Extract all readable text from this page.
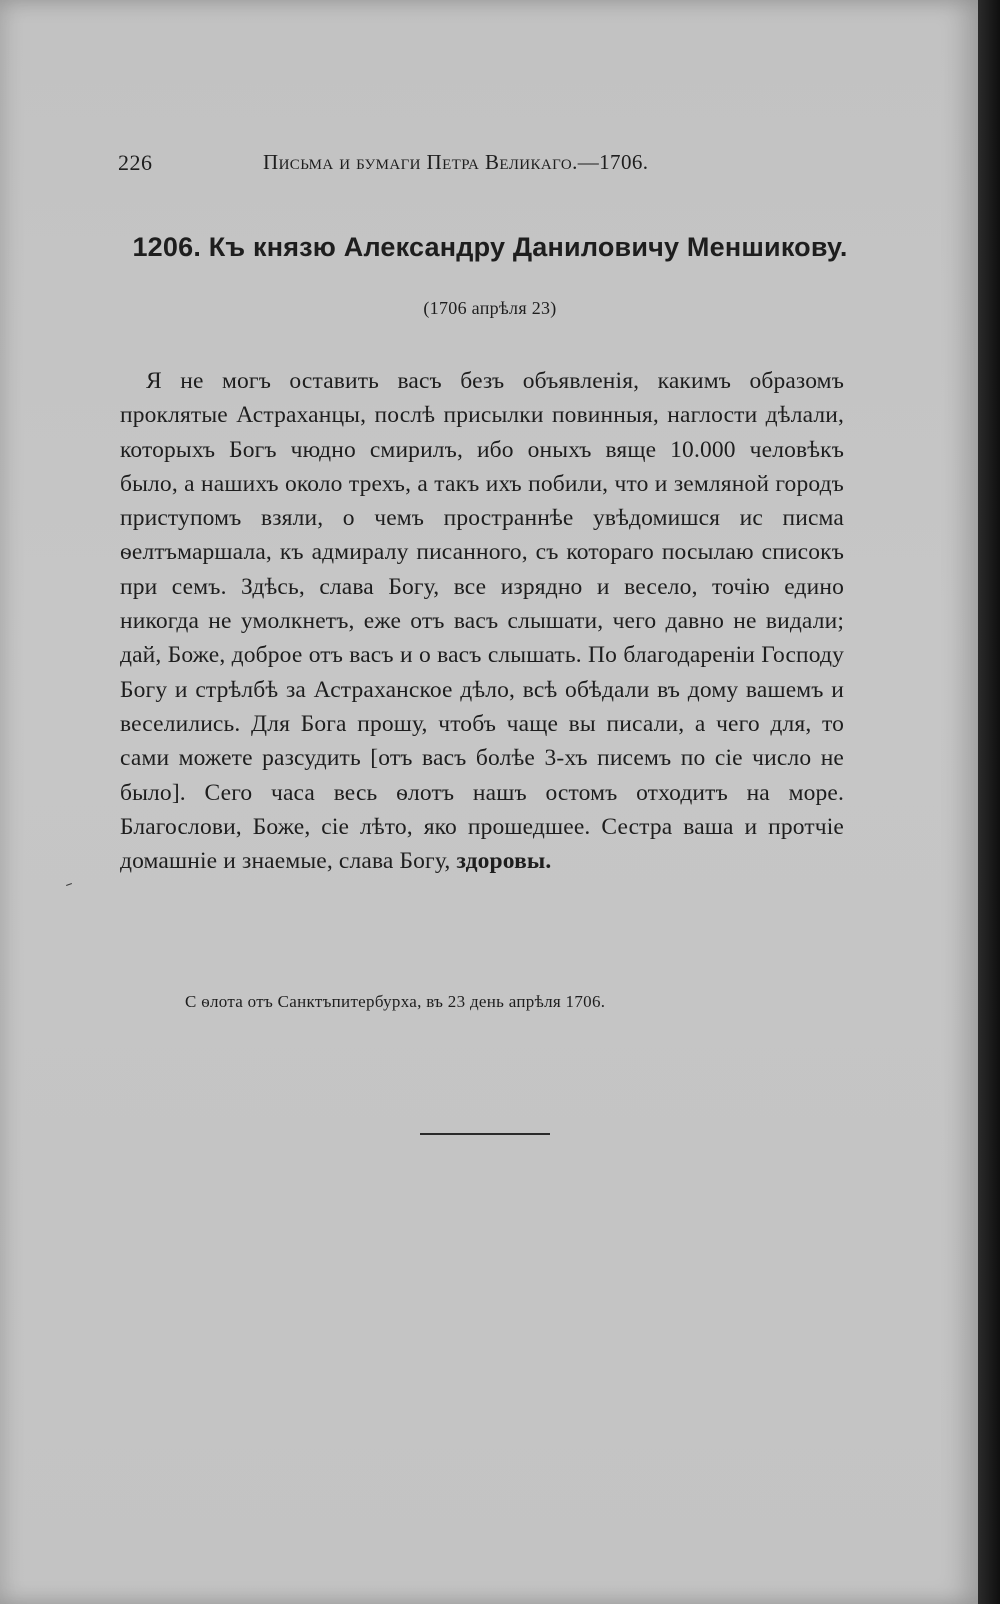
226	Письма и бумаги Петра Великаго.—1706.
1206. Къ князю Александру Даниловичу Меншикову.
(1706 апрѣля 23)
Я не могъ оставить васъ безъ объявленія, какимъ образомъ проклятые Астраханцы, послѣ присылки повинныя, наглости дѣлали, которыхъ Богъ чюдно смирилъ, ибо оныхъ вяще 10.000 человѣкъ было, а нашихъ около трехъ, а такъ ихъ побили, что и земляной городъ приступомъ взяли, о чемъ пространнѣе увѣдомишся ис писма ѳелтъмаршала, къ адмиралу писанного, съ котораго посылаю списокъ при семъ. Здѣсь, слава Богу, все изрядно и весело, точію едино никогда не умолкнетъ, еже отъ васъ слышати, чего давно не видали; дай, Боже, доброе отъ васъ и о васъ слышать. По благодареніи Господу Богу и стрѣлбѣ за Астраханское дѣло, всѣ обѣдали въ дому вашемъ и веселились. Для Бога прошу, чтобъ чаще вы писали, а чего для, то сами можете разсудить [отъ васъ болѣе 3-хъ писемъ по сіе число не было]. Сего часа весь ѳлотъ нашъ остомъ отходитъ на море. Благослови, Боже, сіе лѣто, яко прошедшее. Сестра ваша и протчіе домашніе и знаемые, слава Богу, здоровы.
С ѳлота отъ Санктъпитербурха, въ 23 день апрѣля 1706.
